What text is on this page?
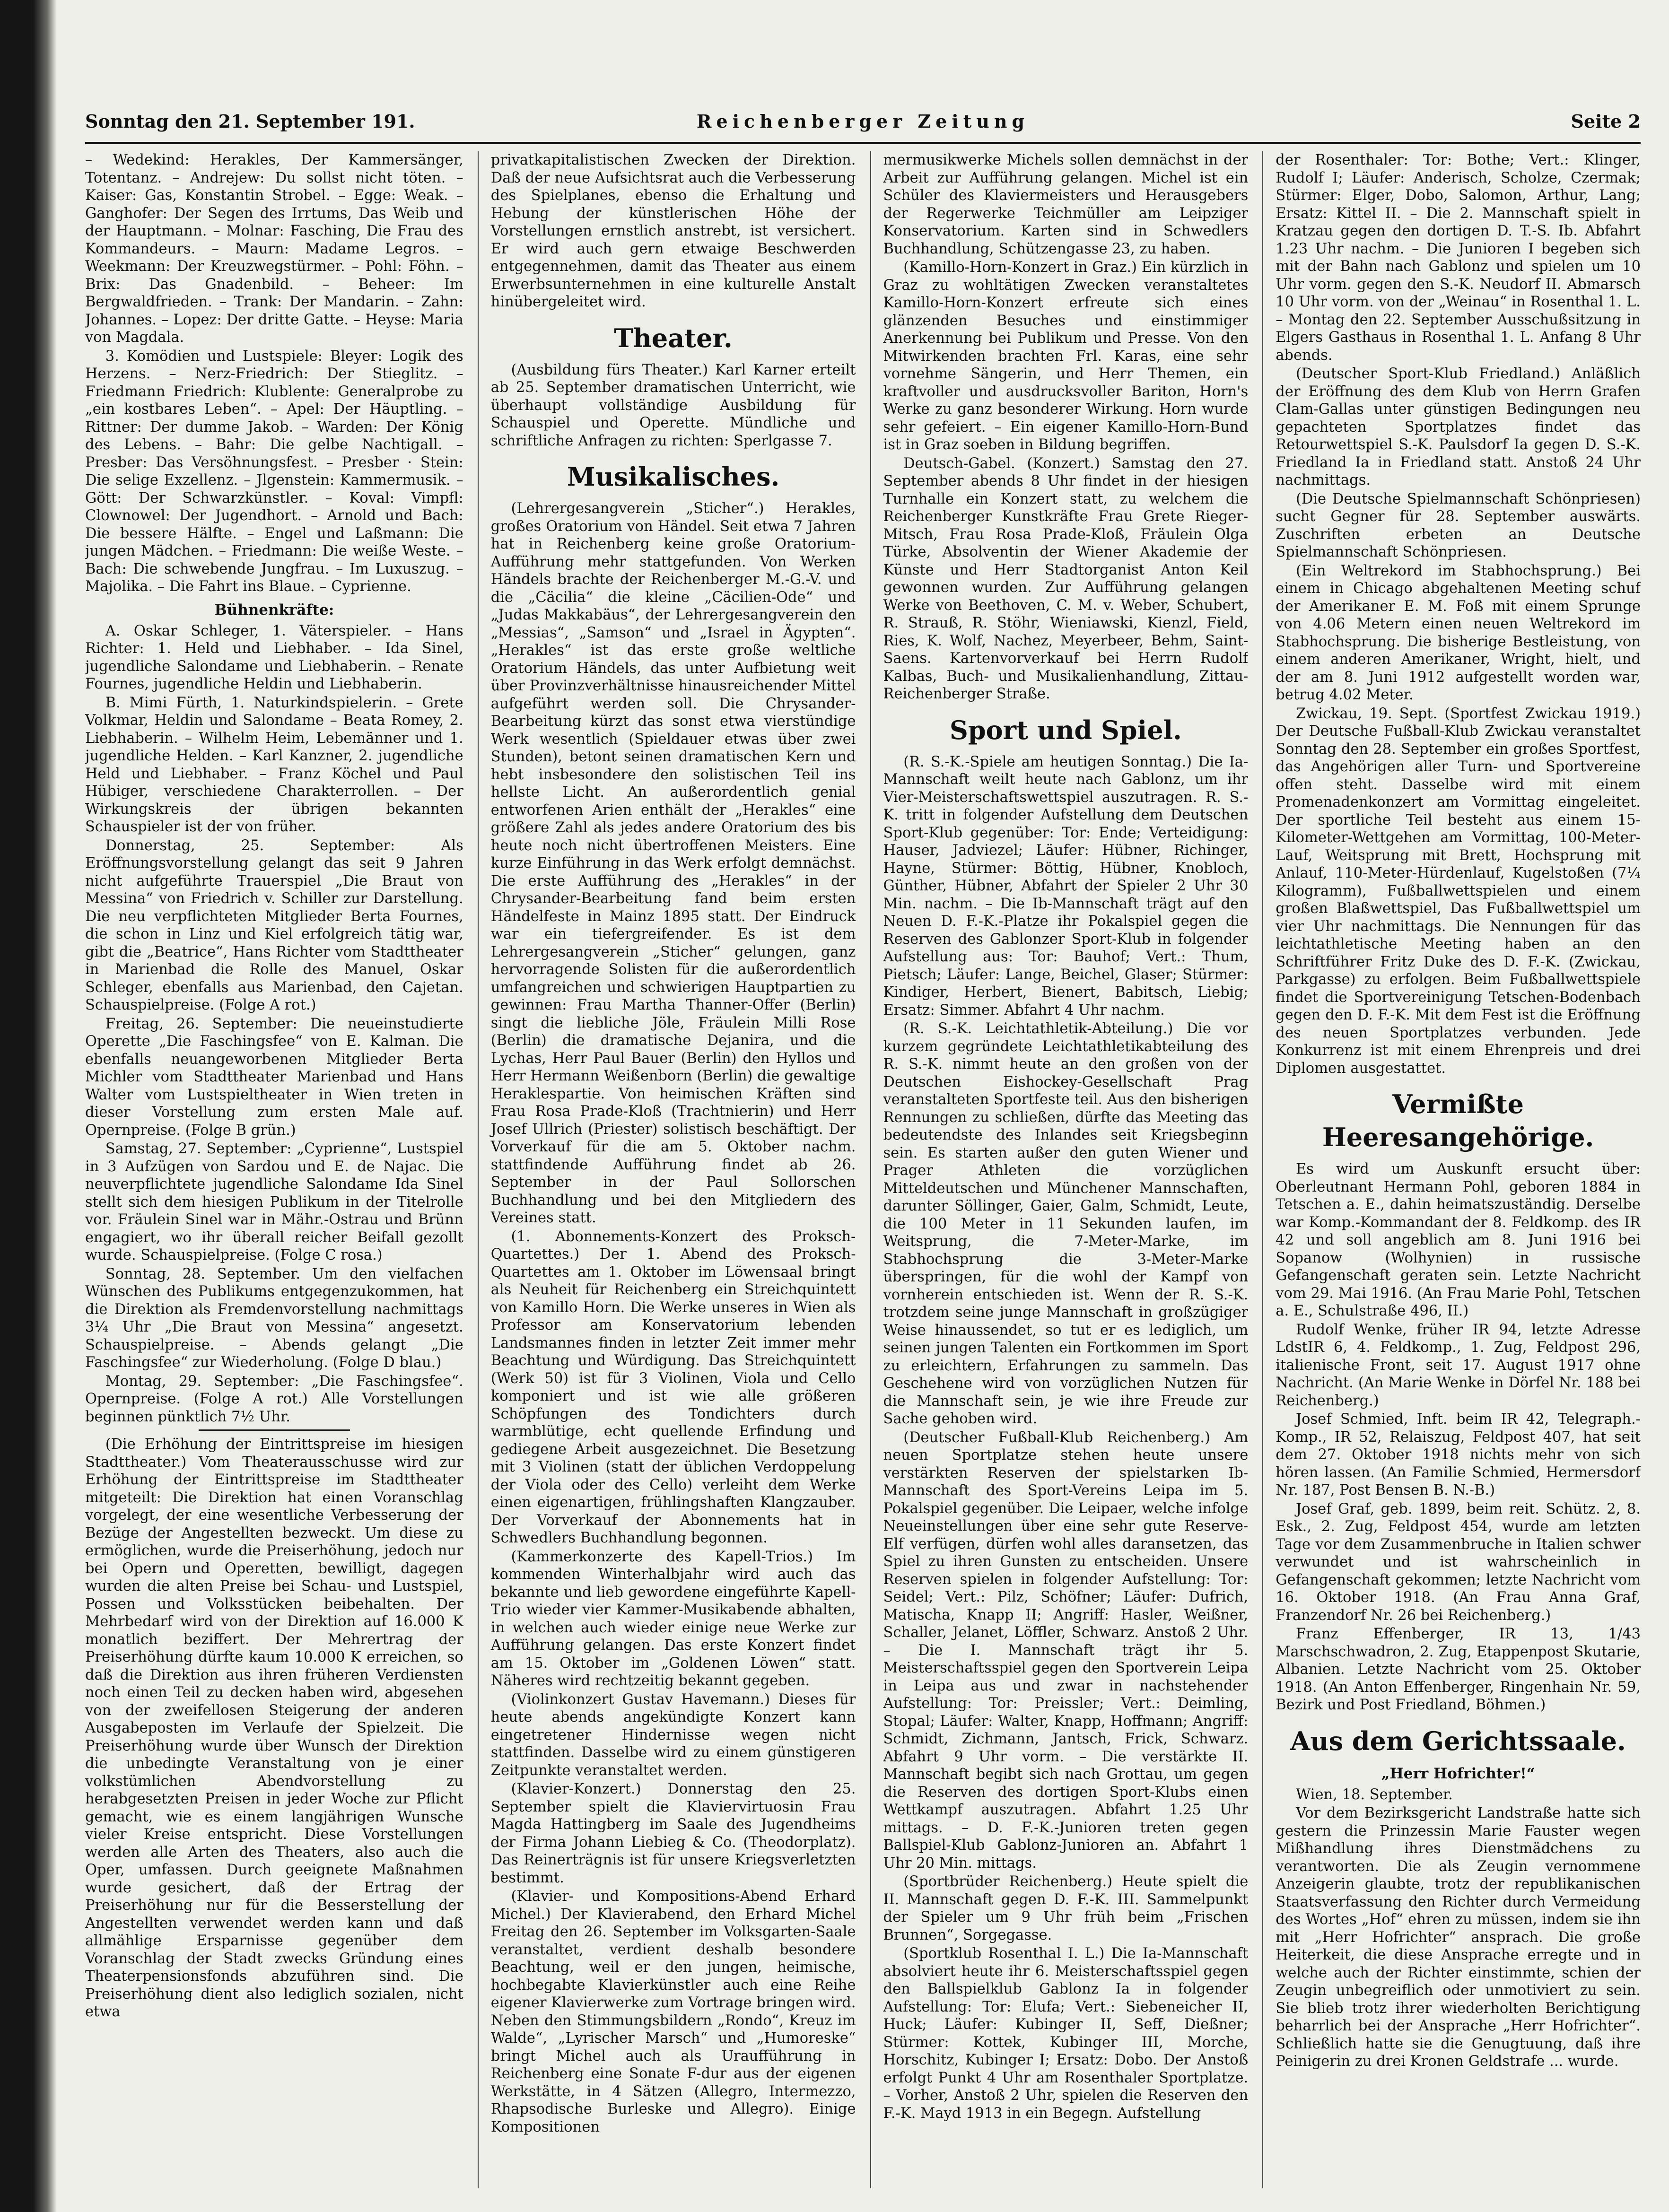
Sonntag den 21. September 191.	Reichenberger Zeitung	Seite 2

– Wedekind: Herakles, Der Kammersänger, Totentanz. – Andrejew: Du sollst nicht töten. – Kaiser: Gas, Konstantin Strobel. – Egge: Weak. – Ganghofer: Der Segen des Irrtums, Das Weib und der Hauptmann. – Molnar: Fasching, Die Frau des Kommandeurs. – Maurn: Madame Legros. – Weekmann: Der Kreuzwegstürmer. – Pohl: Föhn. – Brix: Das Gnadenbild. – Beheer: Im Bergwaldfrieden. – Trank: Der Mandarin. – Zahn: Johannes. – Lopez: Der dritte Gatte. – Heyse: Maria von Magdala.

3. Komödien und Lustspiele: Bleyer: Logik des Herzens. – Nerz-Friedrich: Der Stieglitz. – Friedmann Friedrich: Klublente: Generalprobe zu „ein kostbares Leben“. – Apel: Der Häuptling. – Rittner: Der dumme Jakob. – Warden: Der König des Lebens. – Bahr: Die gelbe Nachtigall. – Presber: Das Versöhnungsfest. – Presber · Stein: Die selige Exzellenz. – Jlgenstein: Kammermusik. – Gött: Der Schwarzkünstler. – Koval: Vimpfl: Clownowel: Der Jugendhort. – Arnold und Bach: Die bessere Hälfte. – Engel und Laßmann: Die jungen Mädchen. – Friedmann: Die weiße Weste. – Bach: Die schwebende Jungfrau. – Im Luxuszug. – Majolika. – Die Fahrt ins Blaue. – Cyprienne.

Bühnenkräfte:

A. Oskar Schleger, 1. Väterspieler. – Hans Richter: 1. Held und Liebhaber. – Ida Sinel, jugendliche Salondame und Liebhaberin. – Renate Fournes, jugendliche Heldin und Liebhaberin.

B. Mimi Fürth, 1. Naturkindspielerin. – Grete Volkmar, Heldin und Salondame – Beata Romey, 2. Liebhaberin. – Wilhelm Heim, Lebemänner und 1. jugendliche Helden. – Karl Kanzner, 2. jugendliche Held und Liebhaber. – Franz Köchel und Paul Hübiger, verschiedene Charakterrollen. – Der Wirkungskreis der übrigen bekannten Schauspieler ist der von früher.

Donnerstag, 25. September: Als Eröffnungsvorstellung gelangt das seit 9 Jahren nicht aufgeführte Trauerspiel „Die Braut von Messina“ von Friedrich v. Schiller zur Darstellung. Die neu verpflichteten Mitglieder Berta Fournes, die schon in Linz und Kiel erfolgreich tätig war, gibt die „Beatrice“, Hans Richter vom Stadttheater in Marienbad die Rolle des Manuel, Oskar Schleger, ebenfalls aus Marienbad, den Cajetan. Schauspielpreise. (Folge A rot.)

Freitag, 26. September: Die neueinstudierte Operette „Die Faschingsfee“ von E. Kalman. Die ebenfalls neuangeworbenen Mitglieder Berta Michler vom Stadttheater Marienbad und Hans Walter vom Lustspieltheater in Wien treten in dieser Vorstellung zum ersten Male auf. Opernpreise. (Folge B grün.)

Samstag, 27. September: „Cyprienne“, Lustspiel in 3 Aufzügen von Sardou und E. de Najac. Die neuverpflichtete jugendliche Salondame Ida Sinel stellt sich dem hiesigen Publikum in der Titelrolle vor. Fräulein Sinel war in Mähr.-Ostrau und Brünn engagiert, wo ihr überall reicher Beifall gezollt wurde. Schauspielpreise. (Folge C rosa.)

Sonntag, 28. September. Um den vielfachen Wünschen des Publikums entgegenzukommen, hat die Direktion als Fremdenvorstellung nachmittags 3¼ Uhr „Die Braut von Messina“ angesetzt. Schauspielpreise. – Abends gelangt „Die Faschingsfee“ zur Wiederholung. (Folge D blau.)

Montag, 29. September: „Die Faschingsfee“. Opernpreise. (Folge A rot.) Alle Vorstellungen beginnen pünktlich 7½ Uhr.

(Die Erhöhung der Eintrittspreise im hiesigen Stadttheater.) Vom Theaterausschusse wird zur Erhöhung der Eintrittspreise im Stadttheater mitgeteilt: Die Direktion hat einen Voranschlag vorgelegt, der eine wesentliche Verbesserung der Bezüge der Angestellten bezweckt. Um diese zu ermöglichen, wurde die Preiserhöhung, jedoch nur bei Opern und Operetten, bewilligt, dagegen wurden die alten Preise bei Schau- und Lustspiel, Possen und Volksstücken beibehalten. Der Mehrbedarf wird von der Direktion auf 16.000 K monatlich beziffert. Der Mehrertrag der Preiserhöhung dürfte kaum 10.000 K erreichen, so daß die Direktion aus ihren früheren Verdiensten noch einen Teil zu decken haben wird, abgesehen von der zweifellosen Steigerung der anderen Ausgabeposten im Verlaufe der Spielzeit. Die Preiserhöhung wurde über Wunsch der Direktion die unbedingte Veranstaltung von je einer volkstümlichen Abendvorstellung zu herabgesetzten Preisen in jeder Woche zur Pflicht gemacht, wie es einem langjährigen Wunsche vieler Kreise entspricht. Diese Vorstellungen werden alle Arten des Theaters, also auch die Oper, umfassen. Durch geeignete Maßnahmen wurde gesichert, daß der Ertrag der Preiserhöhung nur für die Besserstellung der Angestellten verwendet werden kann und daß allmählige Ersparnisse gegenüber dem Voranschlag der Stadt zwecks Gründung eines Theaterpensionsfonds abzuführen sind. Die Preiserhöhung dient also lediglich sozialen, nicht etwa

privatkapitalistischen Zwecken der Direktion. Daß der neue Aufsichtsrat auch die Verbesserung des Spielplanes, ebenso die Erhaltung und Hebung der künstlerischen Höhe der Vorstellungen ernstlich anstrebt, ist versichert. Er wird auch gern etwaige Beschwerden entgegennehmen, damit das Theater aus einem Erwerbsunternehmen in eine kulturelle Anstalt hinübergeleitet wird.

Theater.

(Ausbildung fürs Theater.) Karl Karner erteilt ab 25. September dramatischen Unterricht, wie überhaupt vollständige Ausbildung für Schauspiel und Operette. Mündliche und schriftliche Anfragen zu richten: Sperlgasse 7.

Musikalisches.

(Lehrergesangverein „Sticher“.) Herakles, großes Oratorium von Händel. Seit etwa 7 Jahren hat in Reichenberg keine große Oratorium-Aufführung mehr stattgefunden. Von Werken Händels brachte der Reichenberger M.-G.-V. und die „Cäcilia“ die kleine „Cäcilien-Ode“ und „Judas Makkabäus“, der Lehrergesangverein den „Messias“, „Samson“ und „Israel in Ägypten“. „Herakles“ ist das erste große weltliche Oratorium Händels, das unter Aufbietung weit über Provinzverhältnisse hinausreichender Mittel aufgeführt werden soll. Die Chrysander-Bearbeitung kürzt das sonst etwa vierstündige Werk wesentlich (Spieldauer etwas über zwei Stunden), betont seinen dramatischen Kern und hebt insbesondere den solistischen Teil ins hellste Licht. An außerordentlich genial entworfenen Arien enthält der „Herakles“ eine größere Zahl als jedes andere Oratorium des bis heute noch nicht übertroffenen Meisters. Eine kurze Einführung in das Werk erfolgt demnächst. Die erste Aufführung des „Herakles“ in der Chrysander-Bearbeitung fand beim ersten Händelfeste in Mainz 1895 statt. Der Eindruck war ein tiefergreifender. Es ist dem Lehrergesangverein „Sticher“ gelungen, ganz hervorragende Solisten für die außerordentlich umfangreichen und schwierigen Hauptpartien zu gewinnen: Frau Martha Thanner-Offer (Berlin) singt die liebliche Jöle, Fräulein Milli Rose (Berlin) die dramatische Dejanira, und die Lychas, Herr Paul Bauer (Berlin) den Hyllos und Herr Hermann Weißenborn (Berlin) die gewaltige Heraklespartie. Von heimischen Kräften sind Frau Rosa Prade-Kloß (Trachtnierin) und Herr Josef Ullrich (Priester) solistisch beschäftigt. Der Vorverkauf für die am 5. Oktober nachm. stattfindende Aufführung findet ab 26. September in der Paul Sollorschen Buchhandlung und bei den Mitgliedern des Vereines statt.

(1. Abonnements-Konzert des Proksch-Quartettes.) Der 1. Abend des Proksch-Quartettes am 1. Oktober im Löwensaal bringt als Neuheit für Reichenberg ein Streichquintett von Kamillo Horn. Die Werke unseres in Wien als Professor am Konservatorium lebenden Landsmannes finden in letzter Zeit immer mehr Beachtung und Würdigung. Das Streichquintett (Werk 50) ist für 3 Violinen, Viola und Cello komponiert und ist wie alle größeren Schöpfungen des Tondichters durch warmblütige, echt quellende Erfindung und gediegene Arbeit ausgezeichnet. Die Besetzung mit 3 Violinen (statt der üblichen Verdoppelung der Viola oder des Cello) verleiht dem Werke einen eigenartigen, frühlingshaften Klangzauber. Der Vorverkauf der Abonnements hat in Schwedlers Buchhandlung begonnen.

(Kammerkonzerte des Kapell-Trios.) Im kommenden Winterhalbjahr wird auch das bekannte und lieb gewordene eingeführte Kapell-Trio wieder vier Kammer-Musikabende abhalten, in welchen auch wieder einige neue Werke zur Aufführung gelangen. Das erste Konzert findet am 15. Oktober im „Goldenen Löwen“ statt. Näheres wird rechtzeitig bekannt gegeben.

(Violinkonzert Gustav Havemann.) Dieses für heute abends angekündigte Konzert kann eingetretener Hindernisse wegen nicht stattfinden. Dasselbe wird zu einem günstigeren Zeitpunkte veranstaltet werden.

(Klavier-Konzert.) Donnerstag den 25. September spielt die Klaviervirtuosin Frau Magda Hattingberg im Saale des Jugendheims der Firma Johann Liebieg & Co. (Theodorplatz). Das Reinerträgnis ist für unsere Kriegsverletzten bestimmt.

(Klavier- und Kompositions-Abend Erhard Michel.) Der Klavierabend, den Erhard Michel Freitag den 26. September im Volksgarten-Saale veranstaltet, verdient deshalb besondere Beachtung, weil er den jungen, heimische, hochbegabte Klavierkünstler auch eine Reihe eigener Klavierwerke zum Vortrage bringen wird. Neben den Stimmungsbildern „Rondo“, Kreuz im Walde“, „Lyrischer Marsch“ und „Humoreske“ bringt Michel auch als Uraufführung in Reichenberg eine Sonate F-dur aus der eigenen Werkstätte, in 4 Sätzen (Allegro, Intermezzo, Rhapsodische Burleske und Allegro). Einige Kompositionen

mermusikwerke Michels sollen demnächst in der Arbeit zur Aufführung gelangen. Michel ist ein Schüler des Klaviermeisters und Herausgebers der Regerwerke Teichmüller am Leipziger Konservatorium. Karten sind in Schwedlers Buchhandlung, Schützengasse 23, zu haben.

(Kamillo-Horn-Konzert in Graz.) Ein kürzlich in Graz zu wohltätigen Zwecken veranstaltetes Kamillo-Horn-Konzert erfreute sich eines glänzenden Besuches und einstimmiger Anerkennung bei Publikum und Presse. Von den Mitwirkenden brachten Frl. Karas, eine sehr vornehme Sängerin, und Herr Themen, ein kraftvoller und ausdrucksvoller Bariton, Horn's Werke zu ganz besonderer Wirkung. Horn wurde sehr gefeiert. – Ein eigener Kamillo-Horn-Bund ist in Graz soeben in Bildung begriffen.

Deutsch-Gabel. (Konzert.) Samstag den 27. September abends 8 Uhr findet in der hiesigen Turnhalle ein Konzert statt, zu welchem die Reichenberger Kunstkräfte Frau Grete Rieger-Mitsch, Frau Rosa Prade-Kloß, Fräulein Olga Türke, Absolventin der Wiener Akademie der Künste und Herr Stadtorganist Anton Keil gewonnen wurden. Zur Aufführung gelangen Werke von Beethoven, C. M. v. Weber, Schubert, R. Strauß, R. Stöhr, Wieniawski, Kienzl, Field, Ries, K. Wolf, Nachez, Meyerbeer, Behm, Saint-Saens. Kartenvorverkauf bei Herrn Rudolf Kalbas, Buch- und Musikalienhandlung, Zittau-Reichenberger Straße.

Sport und Spiel.

(R. S.-K.-Spiele am heutigen Sonntag.) Die Ia-Mannschaft weilt heute nach Gablonz, um ihr Vier-Meisterschaftswettspiel auszutragen. R. S.-K. tritt in folgender Aufstellung dem Deutschen Sport-Klub gegenüber: Tor: Ende; Verteidigung: Hauser, Jadviezel; Läufer: Hübner, Richinger, Hayne, Stürmer: Böttig, Hübner, Knobloch, Günther, Hübner, Abfahrt der Spieler 2 Uhr 30 Min. nachm. – Die Ib-Mannschaft trägt auf den Neuen D. F.-K.-Platze ihr Pokalspiel gegen die Reserven des Gablonzer Sport-Klub in folgender Aufstellung aus: Tor: Bauhof; Vert.: Thum, Pietsch; Läufer: Lange, Beichel, Glaser; Stürmer: Kindiger, Herbert, Bienert, Babitsch, Liebig; Ersatz: Simmer. Abfahrt 4 Uhr nachm.

(R. S.-K. Leichtathletik-Abteilung.) Die vor kurzem gegründete Leichtathletikabteilung des R. S.-K. nimmt heute an den großen von der Deutschen Eishockey-Gesellschaft Prag veranstalteten Sportfeste teil. Aus den bisherigen Rennungen zu schließen, dürfte das Meeting das bedeutendste des Inlandes seit Kriegsbeginn sein. Es starten außer den guten Wiener und Prager Athleten die vorzüglichen Mitteldeutschen und Münchener Mannschaften, darunter Söllinger, Gaier, Galm, Schmidt, Leute, die 100 Meter in 11 Sekunden laufen, im Weitsprung, die 7-Meter-Marke, im Stabhochsprung die 3-Meter-Marke überspringen, für die wohl der Kampf von vornherein entschieden ist. Wenn der R. S.-K. trotzdem seine junge Mannschaft in großzügiger Weise hinaussendet, so tut er es lediglich, um seinen jungen Talenten ein Fortkommen im Sport zu erleichtern, Erfahrungen zu sammeln. Das Geschehene wird von vorzüglichen Nutzen für die Mannschaft sein, je wie ihre Freude zur Sache gehoben wird.

(Deutscher Fußball-Klub Reichenberg.) Am neuen Sportplatze stehen heute unsere verstärkten Reserven der spielstarken Ib-Mannschaft des Sport-Vereins Leipa im 5. Pokalspiel gegenüber. Die Leipaer, welche infolge Neueinstellungen über eine sehr gute Reserve-Elf verfügen, dürfen wohl alles daransetzen, das Spiel zu ihren Gunsten zu entscheiden. Unsere Reserven spielen in folgender Aufstellung: Tor: Seidel; Vert.: Pilz, Schöfner; Läufer: Dufrich, Matischa, Knapp II; Angriff: Hasler, Weißner, Schaller, Jelanet, Löffler, Schwarz. Anstoß 2 Uhr. – Die I. Mannschaft trägt ihr 5. Meisterschaftsspiel gegen den Sportverein Leipa in Leipa aus und zwar in nachstehender Aufstellung: Tor: Preissler; Vert.: Deimling, Stopal; Läufer: Walter, Knapp, Hoffmann; Angriff: Schmidt, Zichmann, Jantsch, Frick, Schwarz. Abfahrt 9 Uhr vorm. – Die verstärkte II. Mannschaft begibt sich nach Grottau, um gegen die Reserven des dortigen Sport-Klubs einen Wettkampf auszutragen. Abfahrt 1.25 Uhr mittags. – D. F.-K.-Junioren treten gegen Ballspiel-Klub Gablonz-Junioren an. Abfahrt 1 Uhr 20 Min. mittags.

(Sportbrüder Reichenberg.) Heute spielt die II. Mannschaft gegen D. F.-K. III. Sammelpunkt der Spieler um 9 Uhr früh beim „Frischen Brunnen“, Sorgegasse.

(Sportklub Rosenthal I. L.) Die Ia-Mannschaft absolviert heute ihr 6. Meisterschaftsspiel gegen den Ballspielklub Gablonz Ia in folgender Aufstellung: Tor: Elufa; Vert.: Siebeneicher II, Huck; Läufer: Kubinger II, Seff, Dießner; Stürmer: Kottek, Kubinger III, Morche, Horschitz, Kubinger I; Ersatz: Dobo. Der Anstoß erfolgt Punkt 4 Uhr am Rosenthaler Sportplatze. – Vorher, Anstoß 2 Uhr, spielen die Reserven den F.-K. Mayd 1913 in ein Begegn. Aufstellung

der Rosenthaler: Tor: Bothe; Vert.: Klinger, Rudolf I; Läufer: Anderisch, Scholze, Czermak; Stürmer: Elger, Dobo, Salomon, Arthur, Lang; Ersatz: Kittel II. – Die 2. Mannschaft spielt in Kratzau gegen den dortigen D. T.-S. Ib. Abfahrt 1.23 Uhr nachm. – Die Junioren I begeben sich mit der Bahn nach Gablonz und spielen um 10 Uhr vorm. gegen den S.-K. Neudorf II. Abmarsch 10 Uhr vorm. von der „Weinau“ in Rosenthal 1. L. – Montag den 22. September Ausschußsitzung in Elgers Gasthaus in Rosenthal 1. L. Anfang 8 Uhr abends.

(Deutscher Sport-Klub Friedland.) Anläßlich der Eröffnung des dem Klub von Herrn Grafen Clam-Gallas unter günstigen Bedingungen neu gepachteten Sportplatzes findet das Retourwettspiel S.-K. Paulsdorf Ia gegen D. S.-K. Friedland Ia in Friedland statt. Anstoß 24 Uhr nachmittags.

(Die Deutsche Spielmannschaft Schönpriesen) sucht Gegner für 28. September auswärts. Zuschriften erbeten an Deutsche Spielmannschaft Schönpriesen.

(Ein Weltrekord im Stabhochsprung.) Bei einem in Chicago abgehaltenen Meeting schuf der Amerikaner E. M. Foß mit einem Sprunge von 4.06 Metern einen neuen Weltrekord im Stabhochsprung. Die bisherige Bestleistung, von einem anderen Amerikaner, Wright, hielt, und der am 8. Juni 1912 aufgestellt worden war, betrug 4.02 Meter.

Zwickau, 19. Sept. (Sportfest Zwickau 1919.) Der Deutsche Fußball-Klub Zwickau veranstaltet Sonntag den 28. September ein großes Sportfest, das Angehörigen aller Turn- und Sportvereine offen steht. Dasselbe wird mit einem Promenadenkonzert am Vormittag eingeleitet. Der sportliche Teil besteht aus einem 15-Kilometer-Wettgehen am Vormittag, 100-Meter-Lauf, Weitsprung mit Brett, Hochsprung mit Anlauf, 110-Meter-Hürdenlauf, Kugelstoßen (7¼ Kilogramm), Fußballwettspielen und einem großen Blaßwettspiel, Das Fußballwettspiel um vier Uhr nachmittags. Die Nennungen für das leichtathletische Meeting haben an den Schriftführer Fritz Duke des D. F.-K. (Zwickau, Parkgasse) zu erfolgen. Beim Fußballwettspiele findet die Sportvereinigung Tetschen-Bodenbach gegen den D. F.-K. Mit dem Fest ist die Eröffnung des neuen Sportplatzes verbunden. Jede Konkurrenz ist mit einem Ehrenpreis und drei Diplomen ausgestattet.

Vermißte Heeresangehörige.

Es wird um Auskunft ersucht über: Oberleutnant Hermann Pohl, geboren 1884 in Tetschen a. E., dahin heimatszuständig. Derselbe war Komp.-Kommandant der 8. Feldkomp. des IR 42 und soll angeblich am 8. Juni 1916 bei Sopanow (Wolhynien) in russische Gefangenschaft geraten sein. Letzte Nachricht vom 29. Mai 1916. (An Frau Marie Pohl, Tetschen a. E., Schulstraße 496, II.)

Rudolf Wenke, früher IR 94, letzte Adresse LdstIR 6, 4. Feldkomp., 1. Zug, Feldpost 296, italienische Front, seit 17. August 1917 ohne Nachricht. (An Marie Wenke in Dörfel Nr. 188 bei Reichenberg.)

Josef Schmied, Inft. beim IR 42, Telegraph.-Komp., IR 52, Relaiszug, Feldpost 407, hat seit dem 27. Oktober 1918 nichts mehr von sich hören lassen. (An Familie Schmied, Hermersdorf Nr. 187, Post Bensen B. N.-B.)

Josef Graf, geb. 1899, beim reit. Schütz. 2, 8. Esk., 2. Zug, Feldpost 454, wurde am letzten Tage vor dem Zusammenbruche in Italien schwer verwundet und ist wahrscheinlich in Gefangenschaft gekommen; letzte Nachricht vom 16. Oktober 1918. (An Frau Anna Graf, Franzendorf Nr. 26 bei Reichenberg.)

Franz Effenberger, IR 13, 1/43 Marschschwadron, 2. Zug, Etappenpost Skutarie, Albanien. Letzte Nachricht vom 25. Oktober 1918. (An Anton Effenberger, Ringenhain Nr. 59, Bezirk und Post Friedland, Böhmen.)

Aus dem Gerichtssaale.
„Herr Hofrichter!“

Wien, 18. September.

Vor dem Bezirksgericht Landstraße hatte sich gestern die Prinzessin Marie Fauster wegen Mißhandlung ihres Dienstmädchens zu verantworten. Die als Zeugin vernommene Anzeigerin glaubte, trotz der republikanischen Staatsverfassung den Richter durch Vermeidung des Wortes „Hof“ ehren zu müssen, indem sie ihn mit „Herr Hofrichter“ ansprach. Die große Heiterkeit, die diese Ansprache erregte und in welche auch der Richter einstimmte, schien der Zeugin unbegreiflich oder unmotiviert zu sein. Sie blieb trotz ihrer wiederholten Berichtigung beharrlich bei der Ansprache „Herr Hofrichter“. Schließlich hatte sie die Genugtuung, daß ihre Peinigerin zu drei Kronen Geldstrafe ... wurde.
